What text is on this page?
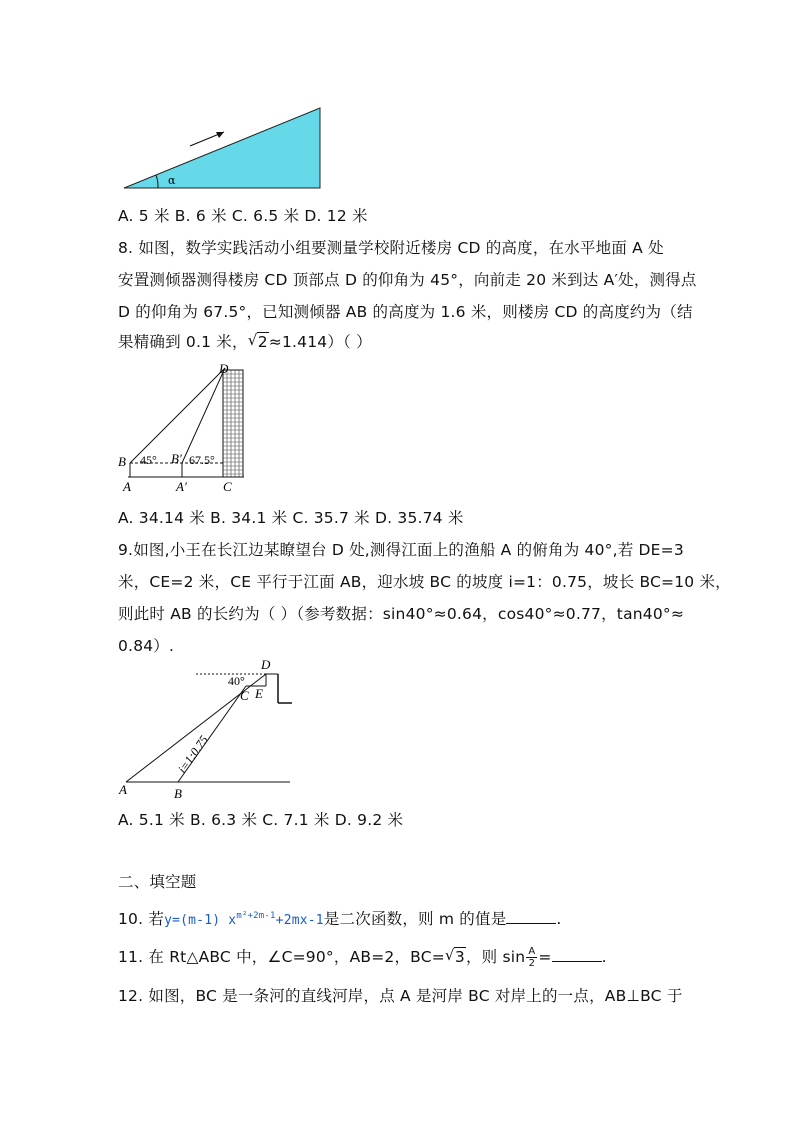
α
A. 5 米 B. 6 米 C. 6.5 米 D. 12 米
8. 如图，数学实践活动小组要测量学校附近楼房 CD 的高度，在水平地面 A 处
安置测倾器测得楼房 CD 顶部点 D 的仰角为 45°，向前走 20 米到达 A′处，测得点
D 的仰角为 67.5°，已知测倾器 AB 的高度为 1.6 米，则楼房 CD 的高度约为（结
果精确到 0.1 米， √ 2≈1.414）（ ）
D
B 45° B′ 67.5°
A	A′	C
A. 34.14 米 B. 34.1 米 C. 35.7 米 D. 35.74 米
9.如图,小王在长江边某瞭望台 D 处,测得江面上的渔船 A 的俯角为 40°,若 DE=3
米，CE=2 米，CE 平行于江面 AB，迎水坡 BC 的坡度 i=1：0.75，坡长 BC=10 米，
则此时 AB 的长约为（ ）（参考数据：sin40°≈0.64，cos40°≈0.77，tan40°≈
0.84）.
D
40°
C E
A	B
i=1:0.75
A. 5.1 米 B. 6.3 米 C. 7.1 米 D. 9.2 米
二、填空题
10. 若y=(m-1) $x^{m^2+2m-1}+2mx-1$是二次函数，则 m 的值是	.
11. 在 Rt△ABC 中，∠C=90°，AB=2，BC= √ 3，则 $\sin \frac{A}{2}$ =	.
12. 如图，BC 是一条河的直线河岸，点 A 是河岸 BC 对岸上的一点，AB⊥BC 于
